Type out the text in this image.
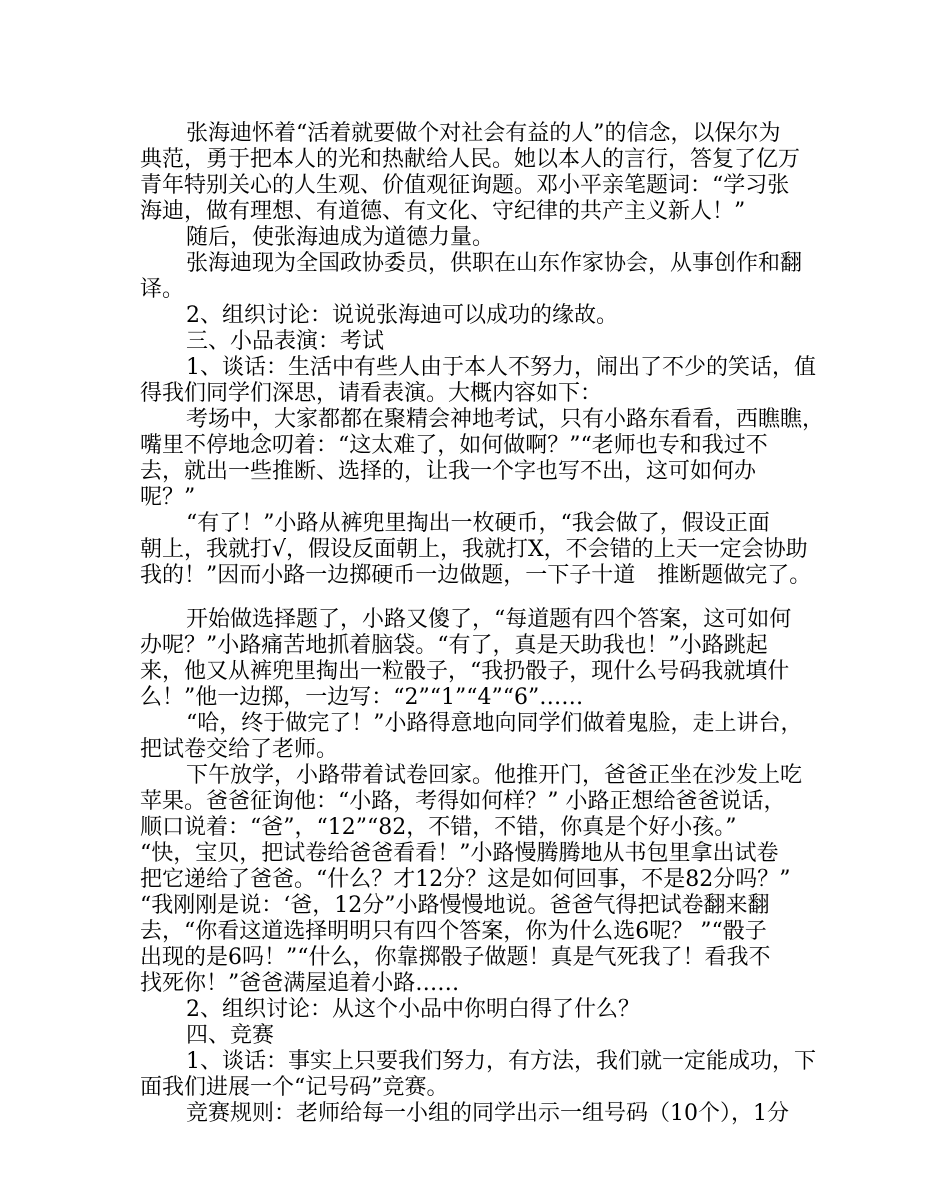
张海迪怀着“活着就要做个对社会有益的人”的信念，以保尔为

典范，勇于把本人的光和热献给人民。她以本人的言行，答复了亿万

青年特别关心的人生观、价值观征询题。邓小平亲笔题词：“学习张

海迪，做有理想、有道德、有文化、守纪律的共产主义新人！”

随后，使张海迪成为道德力量。

张海迪现为全国政协委员，供职在山东作家协会，从事创作和翻

译。

2、组织讨论：说说张海迪可以成功的缘故。

三、小品表演：考试

1、谈话：生活中有些人由于本人不努力，闹出了不少的笑话，值

得我们同学们深思，请看表演。大概内容如下：

考场中，大家都都在聚精会神地考试，只有小路东看看，西瞧瞧，

嘴里不停地念叨着：“这太难了，如何做啊？”“老师也专和我过不

去，就出一些推断、选择的，让我一个字也写不出，这可如何办

呢？”

“有了！”小路从裤兜里掏出一枚硬币，“我会做了，假设正面

朝上，我就打√，假设反面朝上，我就打X，不会错的上天一定会协助

我的！”因而小路一边掷硬币一边做题，一下子十道　推断题做完了。

开始做选择题了，小路又傻了，“每道题有四个答案，这可如何

办呢？”小路痛苦地抓着脑袋。“有了，真是天助我也！”小路跳起

来，他又从裤兜里掏出一粒骰子，“我扔骰子，现什么号码我就填什

么！”他一边掷，一边写：“2”“1”“4”“6”……

“哈，终于做完了！”小路得意地向同学们做着鬼脸，走上讲台，

把试卷交给了老师。

下午放学，小路带着试卷回家。他推开门，爸爸正坐在沙发上吃

苹果。爸爸征询他：“小路，考得如何样？” 小路正想给爸爸说话，

顺口说着：“爸”，“12”“82，不错，不错，你真是个好小孩。”

“快，宝贝，把试卷给爸爸看看！”小路慢腾腾地从书包里拿出试卷

把它递给了爸爸。“什么？才12分？这是如何回事，不是82分吗？”

“我刚刚是说：‘爸，12分”小路慢慢地说。爸爸气得把试卷翻来翻

去，“你看这道选择明明只有四个答案，你为什么选6呢？ ”“骰子

出现的是6吗！”“什么，你靠掷骰子做题！真是气死我了！看我不

找死你！”爸爸满屋追着小路……

2、组织讨论：从这个小品中你明白得了什么？

四、竞赛

1、谈话：事实上只要我们努力，有方法，我们就一定能成功，下

面我们进展一个“记号码”竞赛。

竞赛规则：老师给每一小组的同学出示一组号码（10个），1分
